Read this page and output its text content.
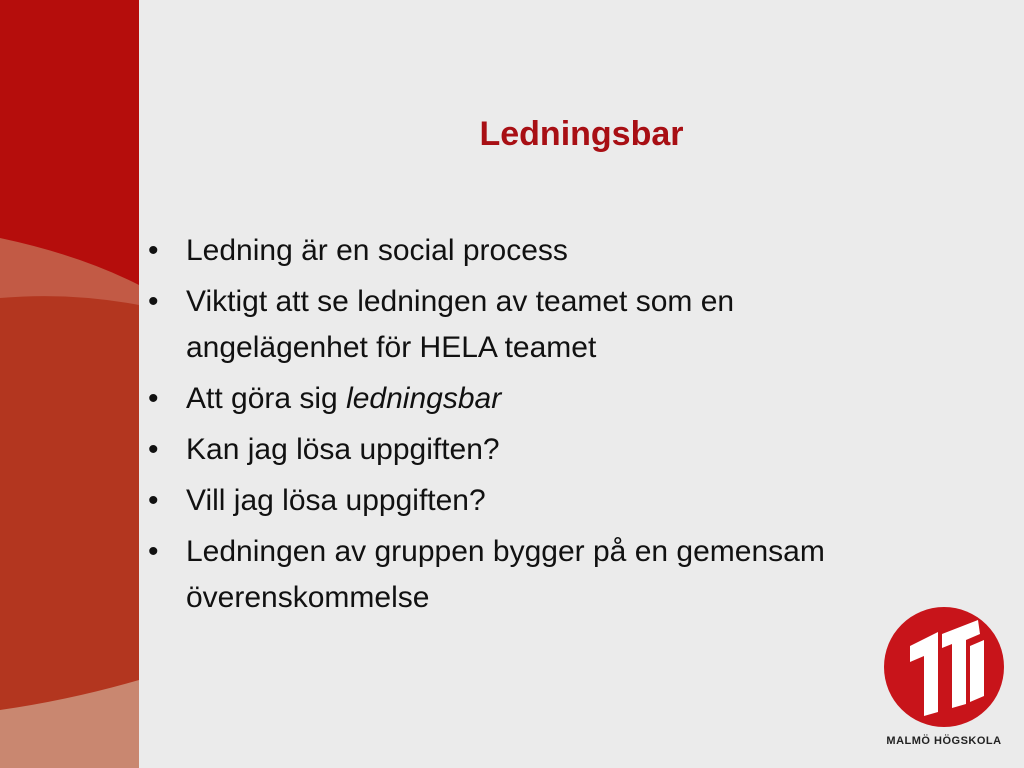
Ledningsbar
• Ledning är en social process
• Viktigt att se ledningen av teamet som en angelägenhet för HELA teamet
• Att göra sig ledningsbar
• Kan jag lösa uppgiften?
• Vill jag lösa uppgiften?
• Ledningen av gruppen bygger på en gemensam överenskommelse
MALMÖ HÖGSKOLA
